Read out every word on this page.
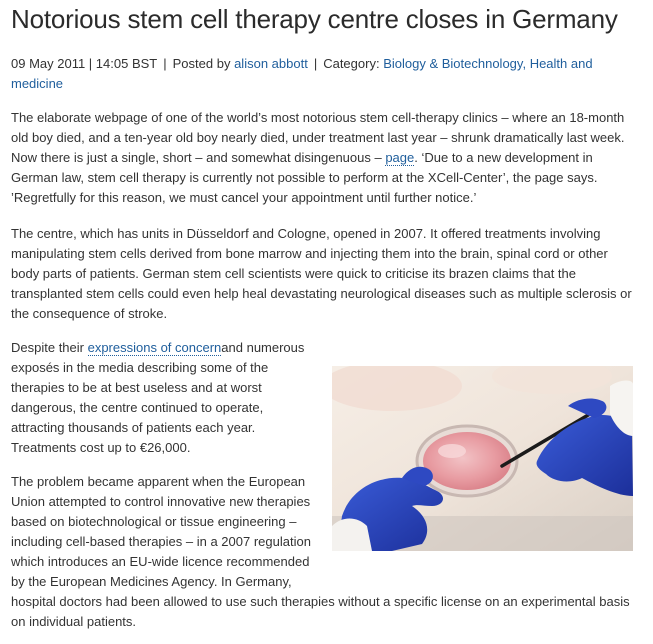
Notorious stem cell therapy centre closes in Germany
09 May 2011 | 14:05 BST | Posted by alison abbott | Category: Biology & Biotechnology, Health and
medicine
The elaborate webpage of one of the world’s most notorious stem cell-therapy clinics – where an 18-month
old boy died, and a ten-year old boy nearly died, under treatment last year – shrunk dramatically last week.
Now there is just a single, short – and somewhat disingenuous – page. ‘Due to a new development in
German law, stem cell therapy is currently not possible to perform at the XCell-Center’, the page says.
’Regretfully for this reason, we must cancel your appointment until further notice.’
The centre, which has units in Düsseldorf and Cologne, opened in 2007. It offered treatments involving
manipulating stem cells derived from bone marrow and injecting them into the brain, spinal cord or other
body parts of patients. German stem cell scientists were quick to criticise its brazen claims that the
transplanted stem cells could even help heal devastating neurological diseases such as multiple sclerosis or
the consequence of stroke.
Despite their expressions of concernand numerous
exposés in the media describing some of the
therapies to be at best useless and at worst
dangerous, the centre continued to operate,
attracting thousands of patients each year.
Treatments cost up to €26,000.
The problem became apparent when the European
Union attempted to control innovative new therapies
based on biotechnological or tissue engineering –
including cell-based therapies – in a 2007 regulation
which introduces an EU-wide licence recommended
by the European Medicines Agency. In Germany,
hospital doctors had been allowed to use such therapies without a specific license on an experimental basis
on individual patients.
